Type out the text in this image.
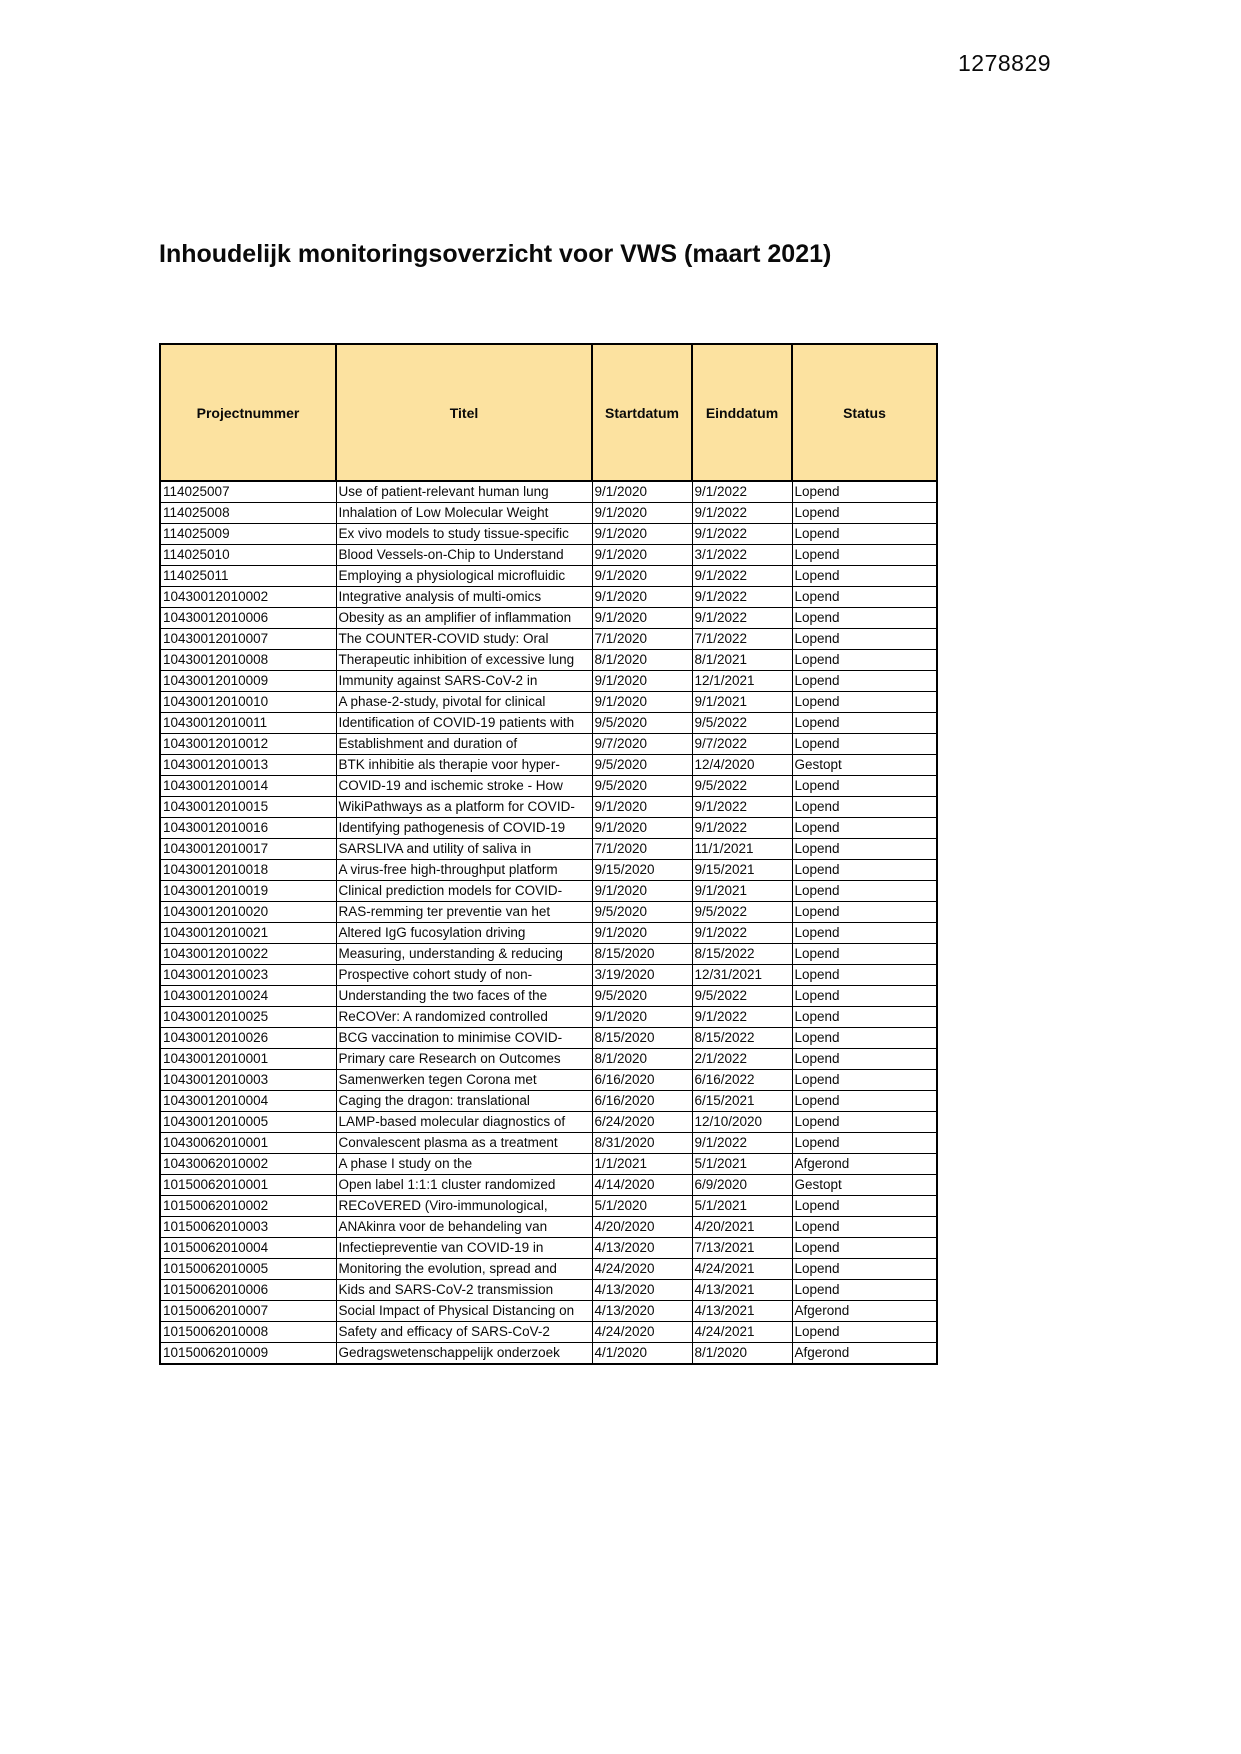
1278829
Inhoudelijk monitoringsoverzicht voor VWS (maart 2021)
Projectnummer	Titel	Startdatum	Einddatum	Status
114025007	Use of patient-relevant human lung	9/1/2020	9/1/2022	Lopend
114025008	Inhalation of Low Molecular Weight	9/1/2020	9/1/2022	Lopend
114025009	Ex vivo models to study tissue-specific	9/1/2020	9/1/2022	Lopend
114025010	Blood Vessels-on-Chip to Understand	9/1/2020	3/1/2022	Lopend
114025011	Employing a physiological microfluidic	9/1/2020	9/1/2022	Lopend
10430012010002	Integrative analysis of multi-omics	9/1/2020	9/1/2022	Lopend
10430012010006	Obesity as an amplifier of inflammation	9/1/2020	9/1/2022	Lopend
10430012010007	The COUNTER-COVID study: Oral	7/1/2020	7/1/2022	Lopend
10430012010008	Therapeutic inhibition of excessive lung	8/1/2020	8/1/2021	Lopend
10430012010009	Immunity against SARS-CoV-2 in	9/1/2020	12/1/2021	Lopend
10430012010010	A phase-2-study, pivotal for clinical	9/1/2020	9/1/2021	Lopend
10430012010011	Identification of COVID-19 patients with	9/5/2020	9/5/2022	Lopend
10430012010012	Establishment and duration of	9/7/2020	9/7/2022	Lopend
10430012010013	BTK inhibitie als therapie voor hyper-	9/5/2020	12/4/2020	Gestopt
10430012010014	COVID-19 and ischemic stroke - How	9/5/2020	9/5/2022	Lopend
10430012010015	WikiPathways as a platform for COVID-	9/1/2020	9/1/2022	Lopend
10430012010016	Identifying pathogenesis of COVID-19	9/1/2020	9/1/2022	Lopend
10430012010017	SARSLIVA and utility of saliva in	7/1/2020	11/1/2021	Lopend
10430012010018	A virus-free high-throughput platform	9/15/2020	9/15/2021	Lopend
10430012010019	Clinical prediction models for COVID-	9/1/2020	9/1/2021	Lopend
10430012010020	RAS-remming ter preventie van het	9/5/2020	9/5/2022	Lopend
10430012010021	Altered IgG fucosylation driving	9/1/2020	9/1/2022	Lopend
10430012010022	Measuring, understanding & reducing	8/15/2020	8/15/2022	Lopend
10430012010023	Prospective cohort study of non-	3/19/2020	12/31/2021	Lopend
10430012010024	Understanding the two faces of the	9/5/2020	9/5/2022	Lopend
10430012010025	ReCOVer: A randomized controlled	9/1/2020	9/1/2022	Lopend
10430012010026	BCG vaccination to minimise COVID-	8/15/2020	8/15/2022	Lopend
10430012010001	Primary care Research on Outcomes	8/1/2020	2/1/2022	Lopend
10430012010003	Samenwerken tegen Corona met	6/16/2020	6/16/2022	Lopend
10430012010004	Caging the dragon: translational	6/16/2020	6/15/2021	Lopend
10430012010005	LAMP-based molecular diagnostics of	6/24/2020	12/10/2020	Lopend
10430062010001	Convalescent plasma as a treatment	8/31/2020	9/1/2022	Lopend
10430062010002	A phase I study on the	1/1/2021	5/1/2021	Afgerond
10150062010001	Open label 1:1:1 cluster randomized	4/14/2020	6/9/2020	Gestopt
10150062010002	RECoVERED (Viro-immunological,	5/1/2020	5/1/2021	Lopend
10150062010003	ANAkinra voor de behandeling van	4/20/2020	4/20/2021	Lopend
10150062010004	Infectiepreventie van COVID-19 in	4/13/2020	7/13/2021	Lopend
10150062010005	Monitoring the evolution, spread and	4/24/2020	4/24/2021	Lopend
10150062010006	Kids and SARS-CoV-2 transmission	4/13/2020	4/13/2021	Lopend
10150062010007	Social Impact of Physical Distancing on	4/13/2020	4/13/2021	Afgerond
10150062010008	Safety and efficacy of SARS-CoV-2	4/24/2020	4/24/2021	Lopend
10150062010009	Gedragswetenschappelijk onderzoek	4/1/2020	8/1/2020	Afgerond
